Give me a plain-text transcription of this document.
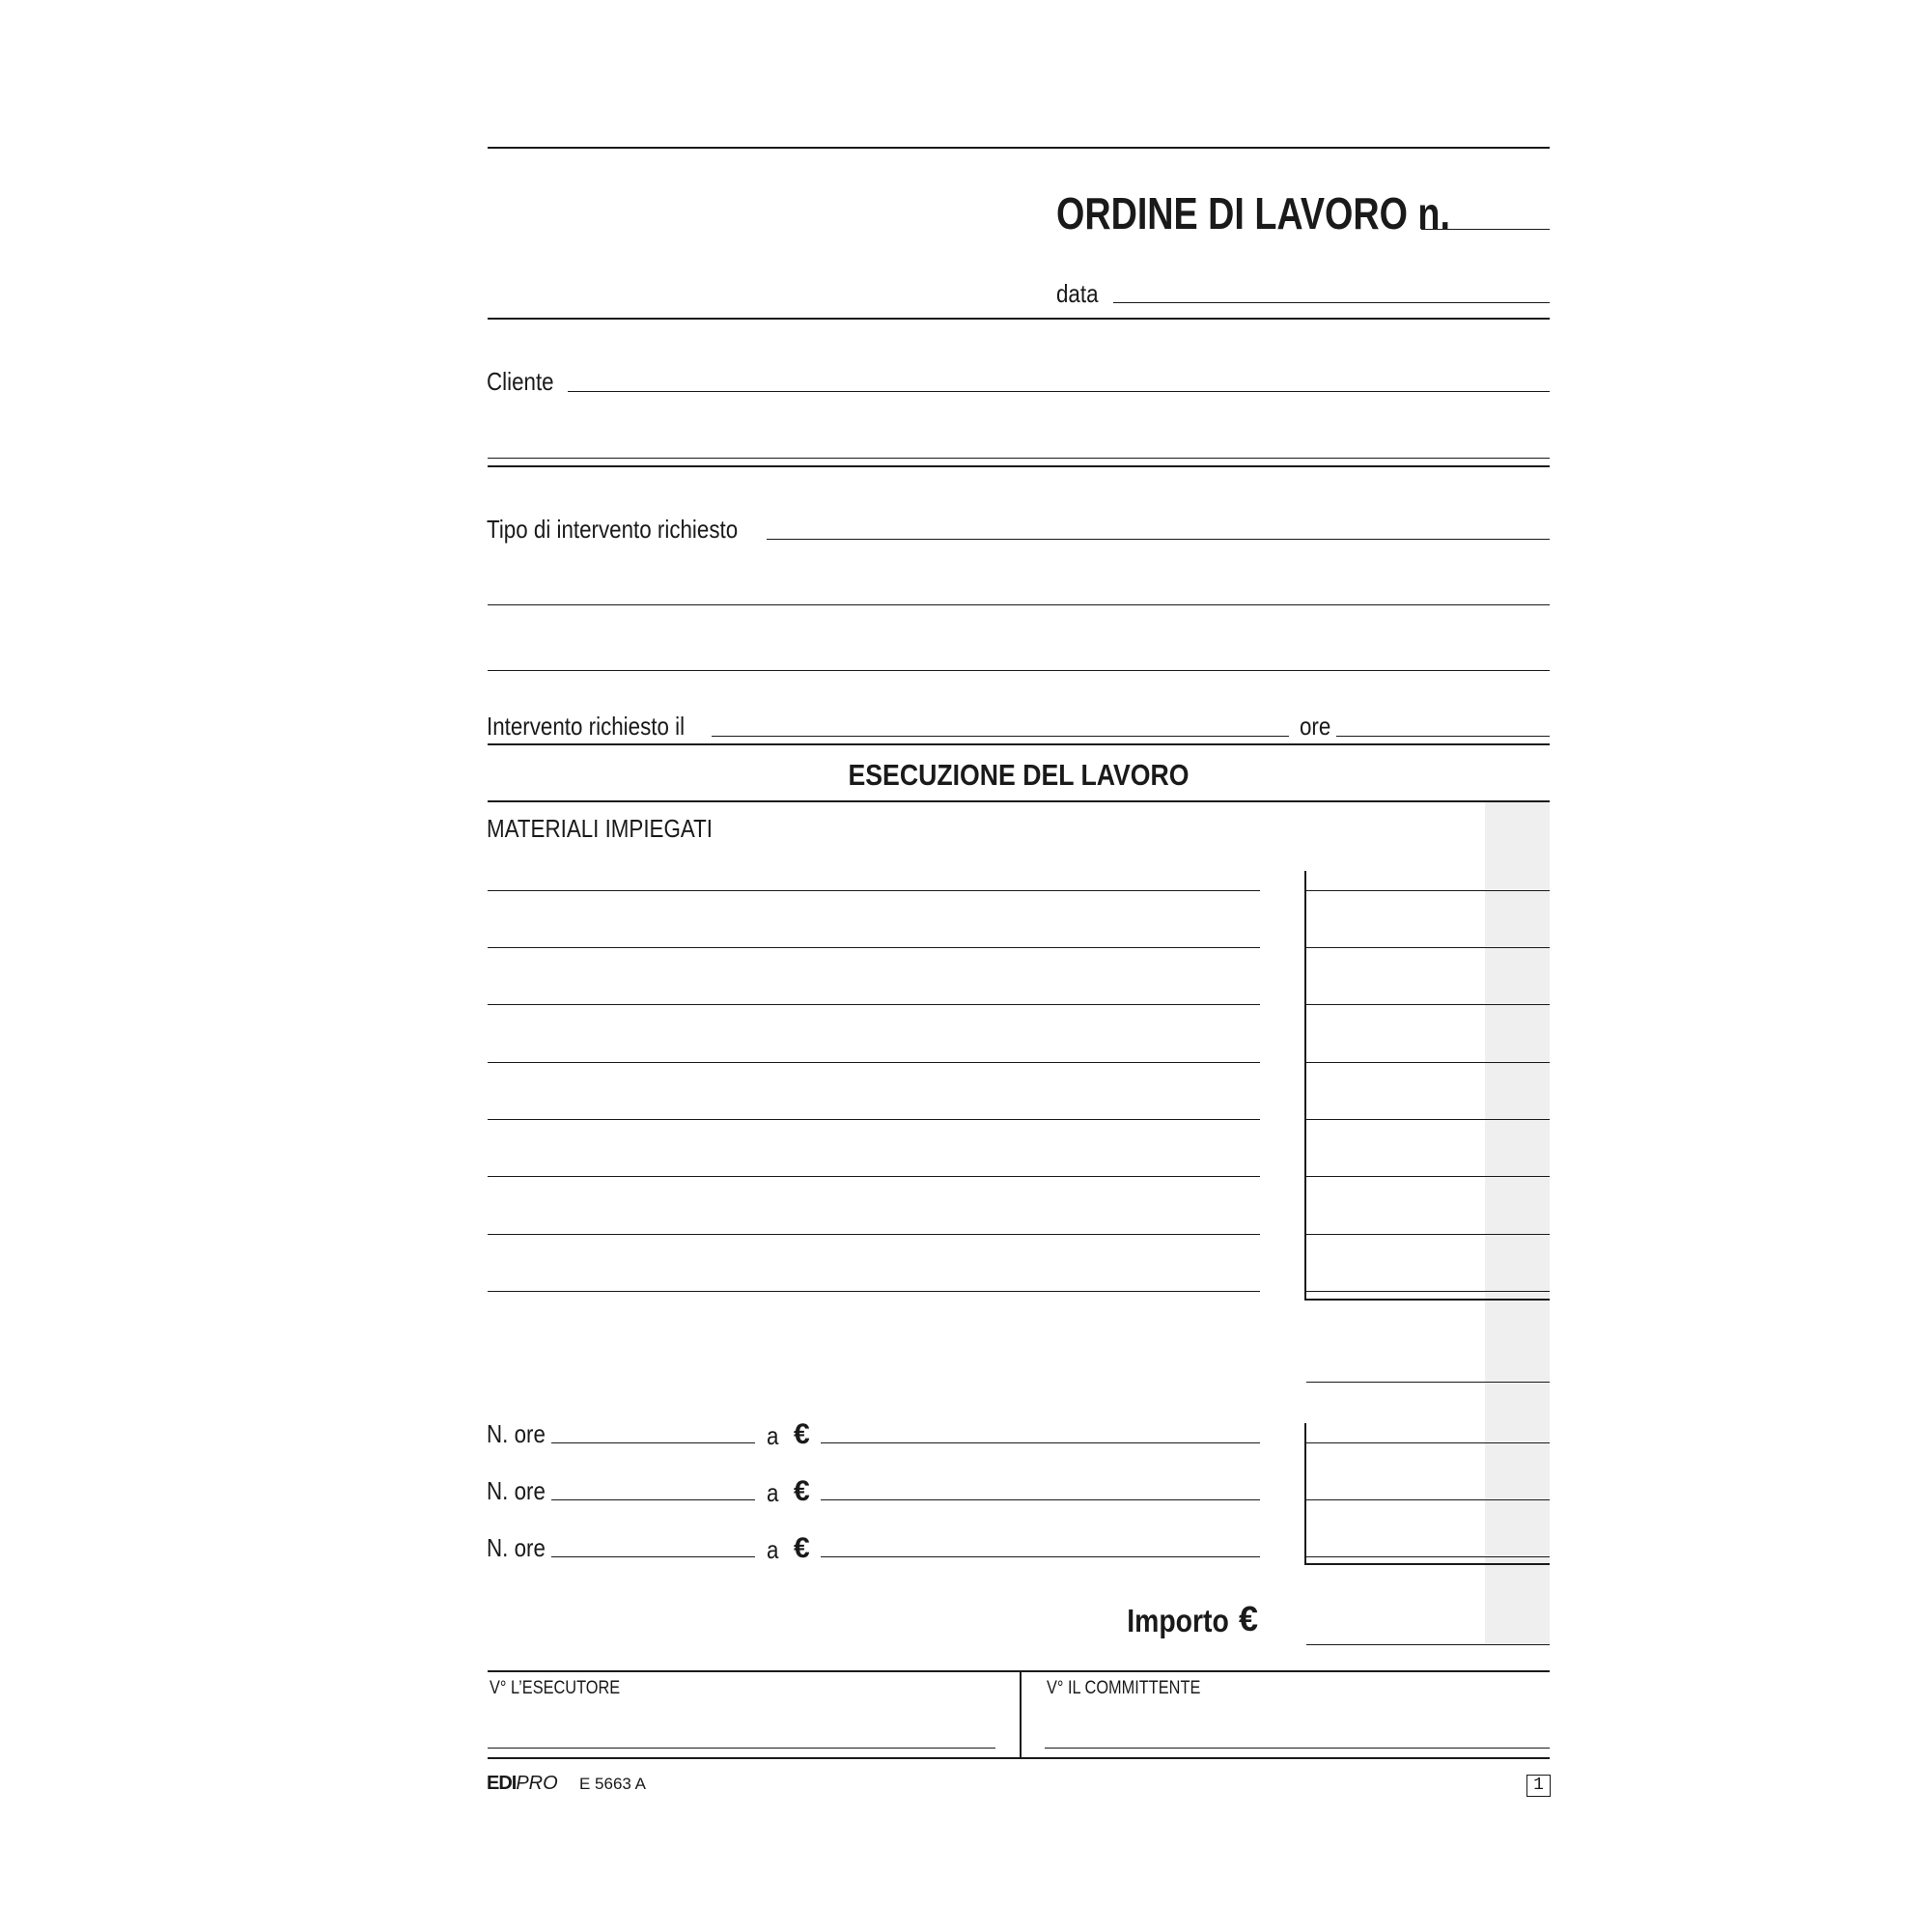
ORDINE DI LAVORO n.
data
Cliente
Tipo di intervento richiesto
Intervento richiesto il	ore
ESECUZIONE DEL LAVORO
MATERIALI IMPIEGATI
N. ore	a €
N. ore	a €
N. ore	a €
Importo €
V° L’ESECUTORE	V° IL COMMITTENTE
EDIPRO E 5663 A	1
